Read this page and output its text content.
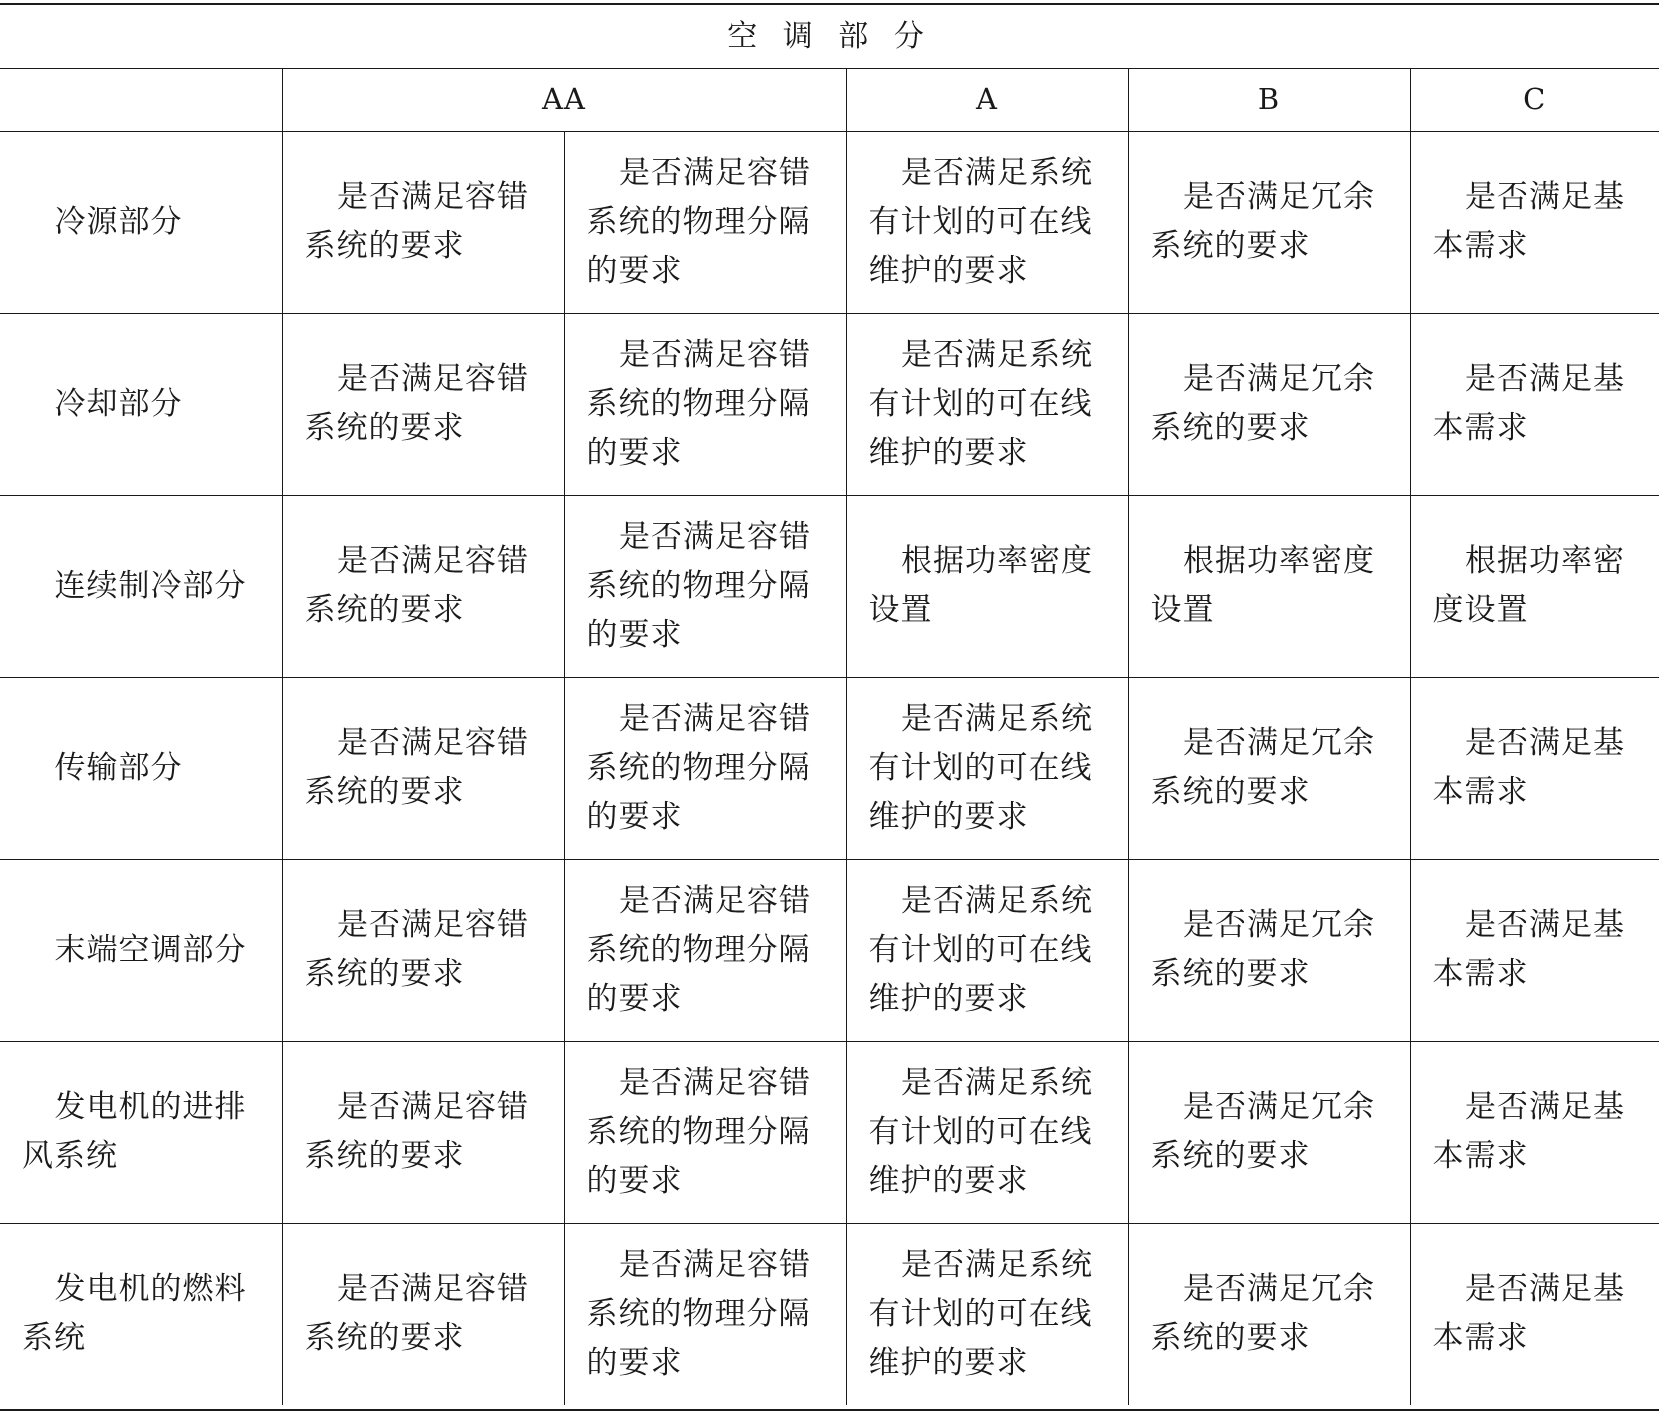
空 调 部 分					
	AA		A	B	C

冷源部分	是否满足容错系统的要求	是否满足容错系统的物理分隔的要求	是否满足系统有计划的可在线维护的要求	是否满足冗余系统的要求	是否满足基本需求

冷却部分	是否满足容错系统的要求	是否满足容错系统的物理分隔的要求	是否满足系统有计划的可在线维护的要求	是否满足冗余系统的要求	是否满足基本需求

连续制冷部分	是否满足容错系统的要求	是否满足容错系统的物理分隔的要求	根据功率密度设置	根据功率密度设置	根据功率密度设置

传输部分	是否满足容错系统的要求	是否满足容错系统的物理分隔的要求	是否满足系统有计划的可在线维护的要求	是否满足冗余系统的要求	是否满足基本需求

末端空调部分	是否满足容错系统的要求	是否满足容错系统的物理分隔的要求	是否满足系统有计划的可在线维护的要求	是否满足冗余系统的要求	是否满足基本需求

发电机的进排风系统	是否满足容错系统的要求	是否满足容错系统的物理分隔的要求	是否满足系统有计划的可在线维护的要求	是否满足冗余系统的要求	是否满足基本需求

发电机的燃料系统	是否满足容错系统的要求	是否满足容错系统的物理分隔的要求	是否满足系统有计划的可在线维护的要求	是否满足冗余系统的要求	是否满足基本需求
